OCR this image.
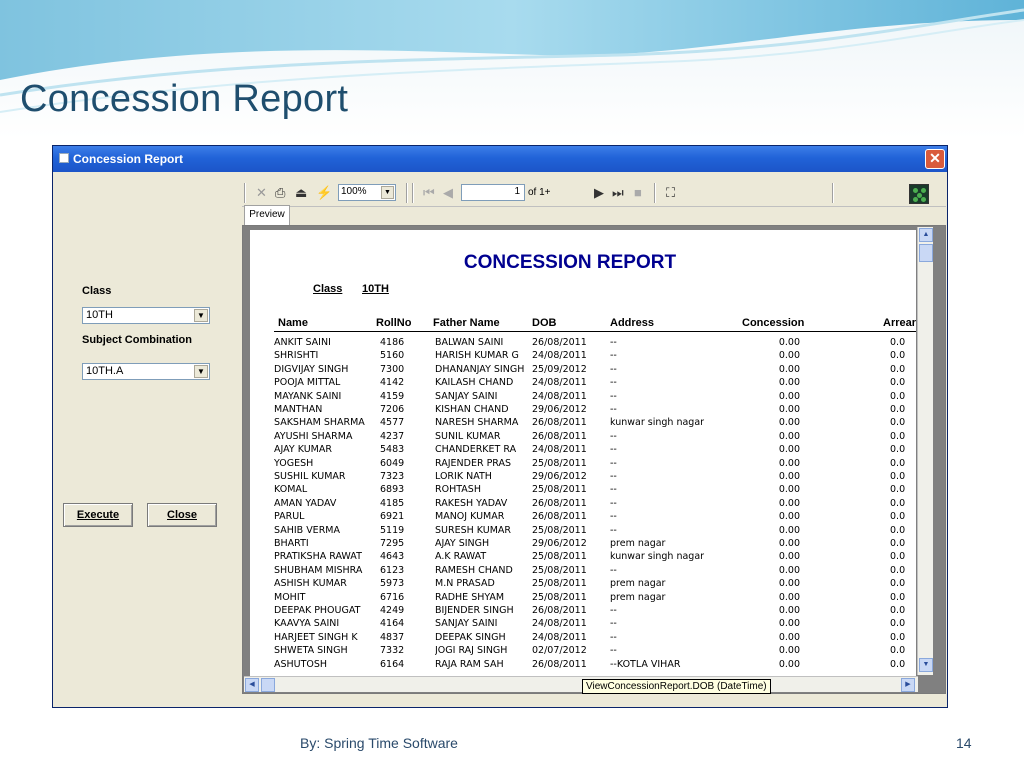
Concession Report
Concession Report	✕
Class
10TH	▼
Subject Combination
10TH.A	▼
Execute	Close
✕ ⎙ ⏏ ⚡ 100%	▼ ⏮ ◀	1 of 1+	▶ ⏭ ■ ⛶
Preview
CONCESSION REPORT
Class 10TH
Name	RollNo Father Name	DOB	Address	Concession	Arrear
ANKIT SAINI	4186	BALWAN SAINI	26/08/2011	--	0.00	0.0
SHRISHTI	5160	HARISH KUMAR G	24/08/2011	--	0.00	0.0
DIGVIJAY SINGH	7300	DHANANJAY SINGH 25/09/2012	--	0.00	0.0
POOJA MITTAL	4142	KAILASH CHAND	24/08/2011	--	0.00	0.0
MAYANK SAINI	4159	SANJAY SAINI	24/08/2011	--	0.00	0.0
MANTHAN	7206	KISHAN CHAND	29/06/2012	--	0.00	0.0
SAKSHAM SHARMA	4577	NARESH SHARMA	26/08/2011	kunwar singh nagar	0.00	0.0
AYUSHI SHARMA	4237	SUNIL KUMAR	26/08/2011	--	0.00	0.0
AJAY KUMAR	5483	CHANDERKET RA	24/08/2011	--	0.00	0.0
YOGESH	6049	RAJENDER PRAS	25/08/2011	--	0.00	0.0
SUSHIL KUMAR	7323	LORIK NATH	29/06/2012	--	0.00	0.0
KOMAL	6893	ROHTASH	25/08/2011	--	0.00	0.0
AMAN YADAV	4185	RAKESH YADAV	26/08/2011	--	0.00	0.0
PARUL	6921	MANOJ KUMAR	26/08/2011	--	0.00	0.0
SAHIB VERMA	5119	SURESH KUMAR	25/08/2011	--	0.00	0.0
BHARTI	7295	AJAY SINGH	29/06/2012	prem nagar	0.00	0.0
PRATIKSHA RAWAT	4643	A.K RAWAT	25/08/2011	kunwar singh nagar	0.00	0.0
SHUBHAM MISHRA	6123	RAMESH CHAND	25/08/2011	--	0.00	0.0
ASHISH KUMAR	5973	M.N PRASAD	25/08/2011	prem nagar	0.00	0.0
MOHIT	6716	RADHE SHYAM	25/08/2011	prem nagar	0.00	0.0
DEEPAK PHOUGAT	4249	BIJENDER SINGH	26/08/2011	--	0.00	0.0
KAAVYA SAINI	4164	SANJAY SAINI	24/08/2011	--	0.00	0.0
HARJEET SINGH K	4837	DEEPAK SINGH	24/08/2011	--	0.00	0.0
SHWETA SINGH	7332	JOGI RAJ SINGH	02/07/2012	--	0.00	0.0
ASHUTOSH	6164	RAJA RAM SAH	26/08/2011	--KOTLA VIHAR	0.00	0.0
▲
▼
◀	▶
ViewConcessionReport.DOB (DateTime)
By: Spring Time Software	14
